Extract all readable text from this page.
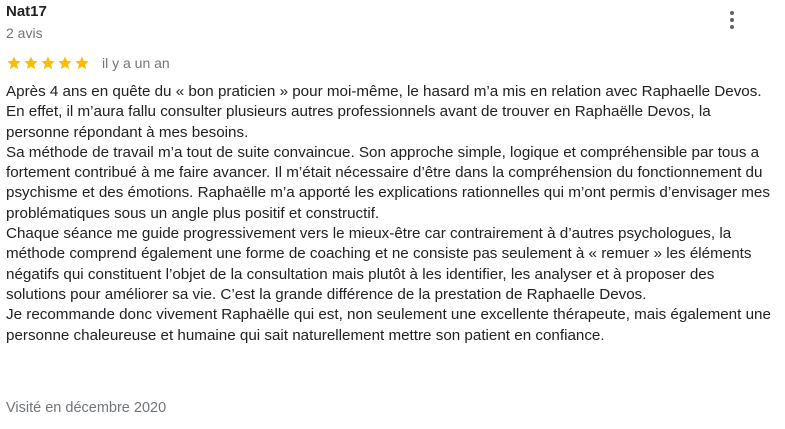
Nat17
2 avis
il y a un an

Après 4 ans en quête du « bon praticien » pour moi-même, le hasard m’a mis en relation avec Raphaelle Devos. En effet, il m’aura fallu consulter plusieurs autres professionnels avant de trouver en Raphaëlle Devos, la personne répondant à mes besoins.

Sa méthode de travail m’a tout de suite convaincue. Son approche simple, logique et compréhensible par tous a fortement contribué à me faire avancer. Il m’était nécessaire d’être dans la compréhension du fonctionnement du psychisme et des émotions. Raphaëlle m’a apporté les explications rationnelles qui m’ont permis d’envisager mes problématiques sous un angle plus positif et constructif.

Chaque séance me guide progressivement vers le mieux-être car contrairement à d’autres psychologues, la méthode comprend également une forme de coaching et ne consiste pas seulement à « remuer » les éléments négatifs qui constituent l’objet de la consultation mais plutôt à les identifier, les analyser et à proposer des solutions pour améliorer sa vie. C’est la grande différence de la prestation de Raphaelle Devos.

Je recommande donc vivement Raphaëlle qui est, non seulement une excellente thérapeute, mais également une personne chaleureuse et humaine qui sait naturellement mettre son patient en confiance.

Visité en décembre 2020
